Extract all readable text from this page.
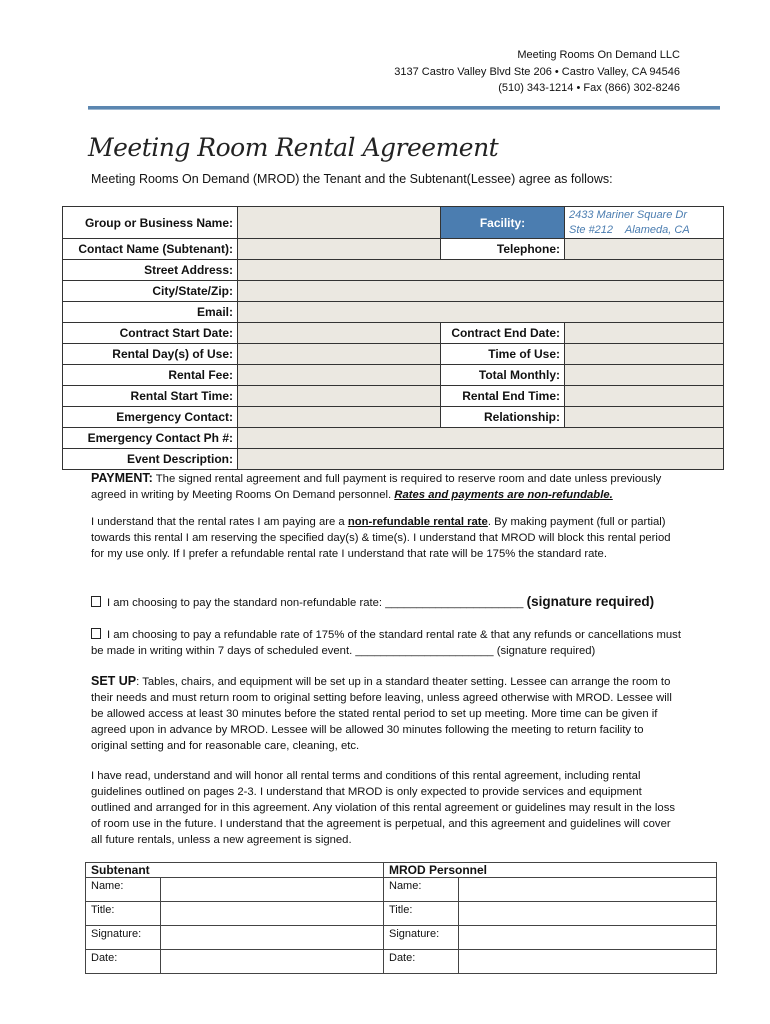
Meeting Rooms On Demand LLC
3137 Castro Valley Blvd Ste 206 • Castro Valley, CA 94546
(510) 343-1214 • Fax (866) 302-8246
Meeting Room Rental Agreement
Meeting Rooms On Demand (MROD) the Tenant and the Subtenant(Lessee) agree as follows:
Group or Business Name:		Facility:	2433 Mariner Square Dr
Ste #212    Alameda, CA

Contact Name (Subtenant):		Telephone:	
Street Address:			
City/State/Zip:			
Email:			
Contract Start Date:		Contract End Date:	
Rental Day(s) of Use:		Time of Use:	
Rental Fee:		Total Monthly:	
Rental Start Time:		Rental End Time:	
Emergency Contact:		Relationship:	
Emergency Contact Ph #:			
Event Description:			
PAYMENT: The signed rental agreement and full payment is required to reserve room and date unless previously agreed in writing by Meeting Rooms On Demand personnel. Rates and payments are non-refundable.
I understand that the rental rates I am paying are a non-refundable rental rate. By making payment (full or partial) towards this rental I am reserving the specified day(s) & time(s). I understand that MROD will block this rental period for my use only. If I prefer a refundable rental rate I understand that rate will be 175% the standard rate.
I am choosing to pay the standard non-refundable rate: ______________________ (signature required)
I am choosing to pay a refundable rate of 175% of the standard rental rate & that any refunds or cancellations must be made in writing within 7 days of scheduled event. ______________________ (signature required)
SET UP: Tables, chairs, and equipment will be set up in a standard theater setting. Lessee can arrange the room to their needs and must return room to original setting before leaving, unless agreed otherwise with MROD. Lessee will be allowed access at least 30 minutes before the stated rental period to set up meeting. More time can be given if agreed upon in advance by MROD. Lessee will be allowed 30 minutes following the meeting to return facility to original setting and for reasonable care, cleaning, etc.
I have read, understand and will honor all rental terms and conditions of this rental agreement, including rental guidelines outlined on pages 2-3. I understand that MROD is only expected to provide services and equipment outlined and arranged for in this agreement. Any violation of this rental agreement or guidelines may result in the loss of room use in the future. I understand that the agreement is perpetual, and this agreement and guidelines will cover all future rentals, unless a new agreement is signed.
Subtenant		MROD Personnel	
Name:		Name:	
Title:		Title:	
Signature:		Signature:	
Date:		Date:	
